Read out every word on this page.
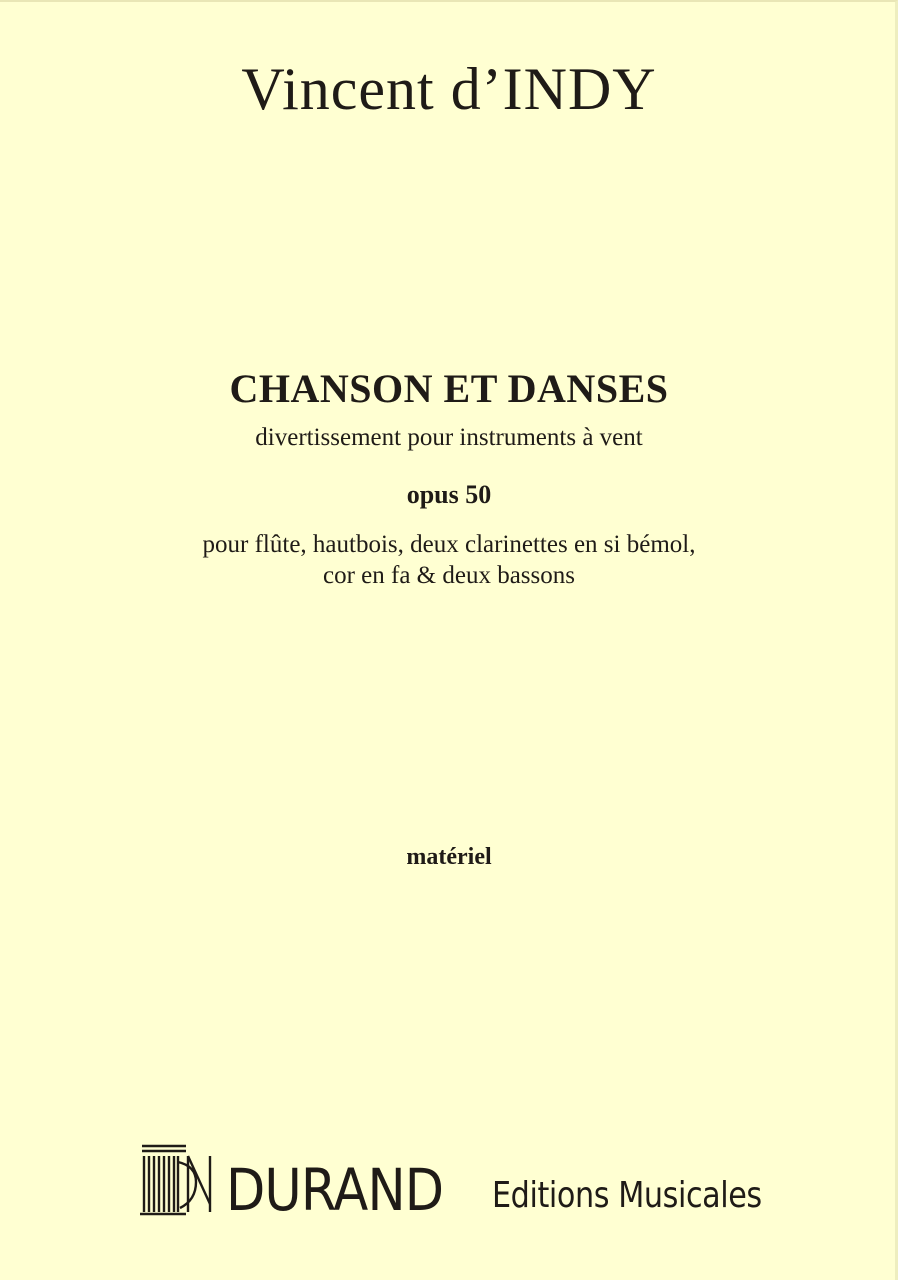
Vincent d’INDY
CHANSON ET DANSES
divertissement pour instruments à vent
opus 50
pour flûte, hautbois, deux clarinettes en si bémol,
cor en fa & deux bassons
matériel
DURAND Editions Musicales
